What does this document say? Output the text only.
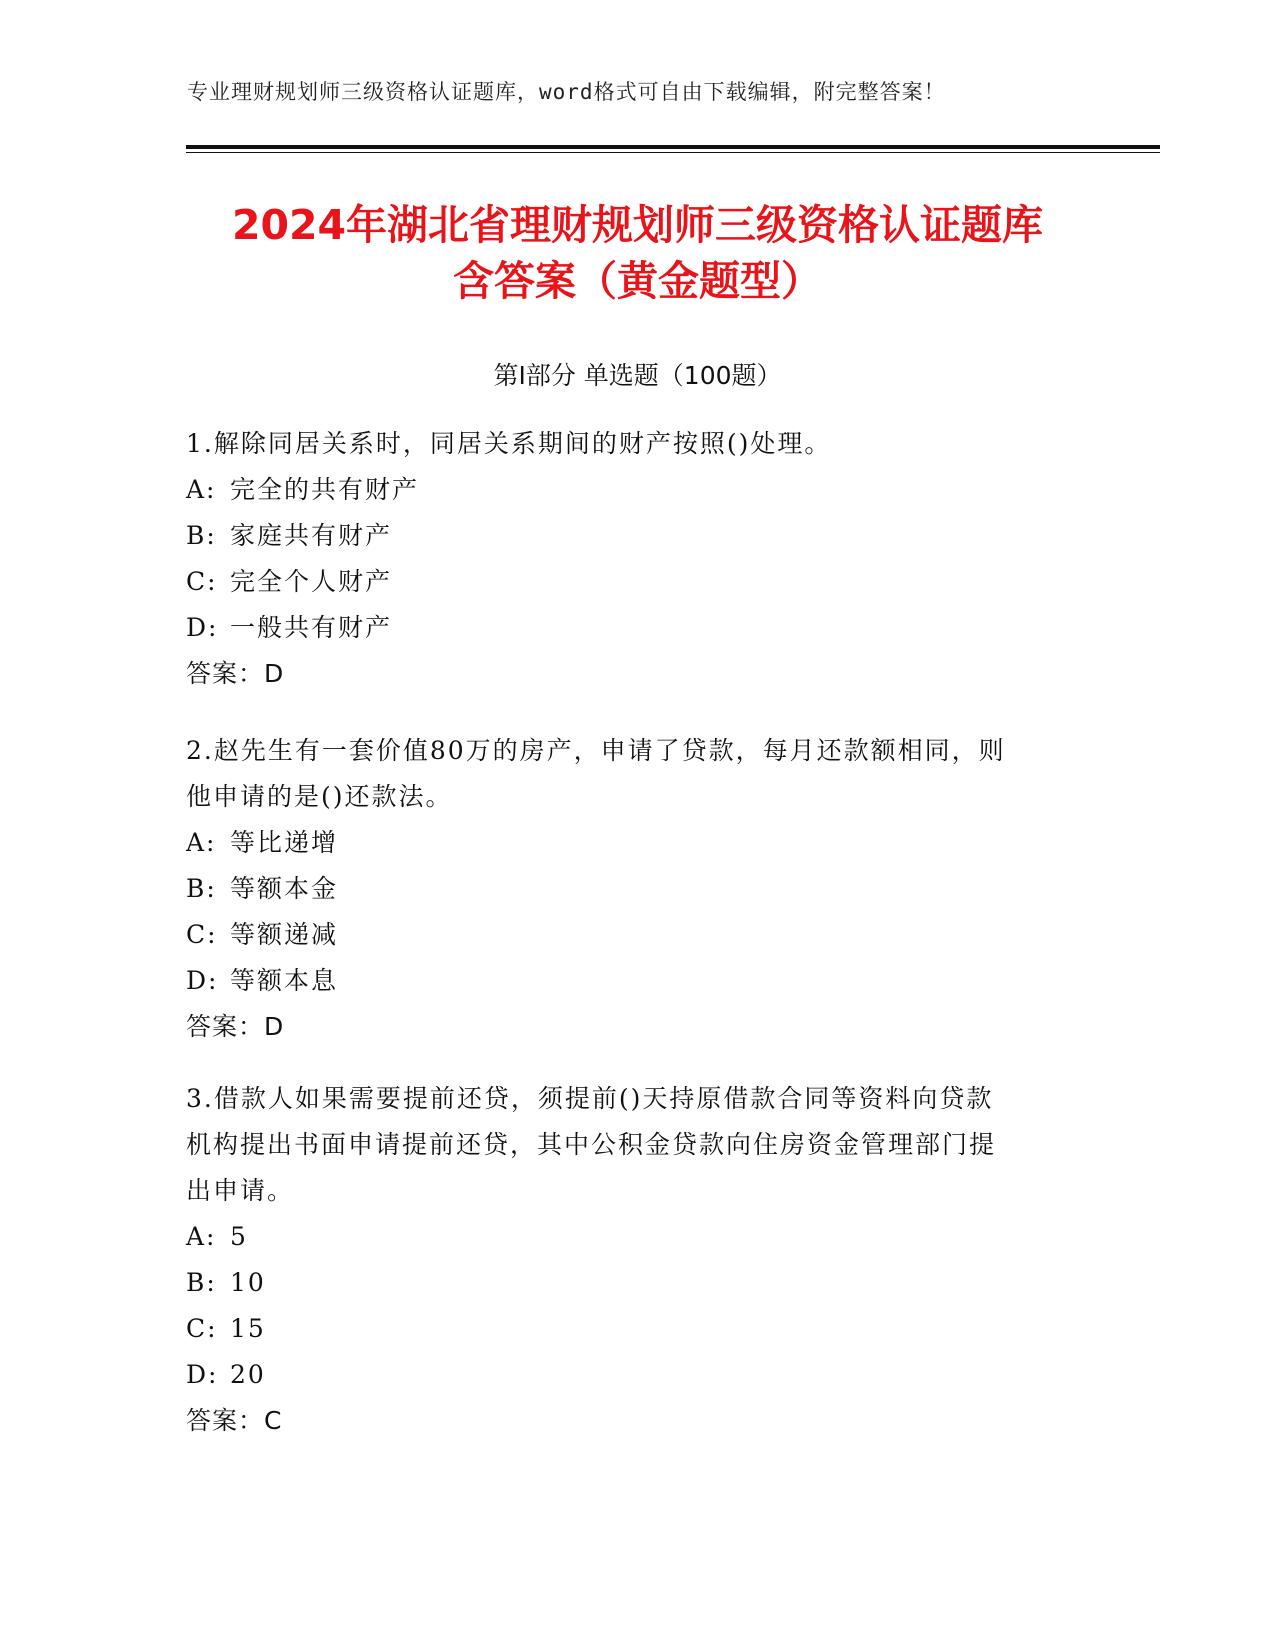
专业理财规划师三级资格认证题库，word格式可自由下载编辑，附完整答案！
2024年湖北省理财规划师三级资格认证题库
含答案（黄金题型）
第Ⅰ部分 单选题（100题）
1.解除同居关系时，同居关系期间的财产按照()处理。
A: 完全的共有财产
B: 家庭共有财产
C: 完全个人财产
D: 一般共有财产
答案：D
2.赵先生有一套价值80万的房产，申请了贷款，每月还款额相同，则
他申请的是()还款法。
A: 等比递增
B: 等额本金
C: 等额递减
D: 等额本息
答案：D
3.借款人如果需要提前还贷，须提前()天持原借款合同等资料向贷款
机构提出书面申请提前还贷，其中公积金贷款向住房资金管理部门提
出申请。
A: 5
B: 10
C: 15
D: 20
答案：C
